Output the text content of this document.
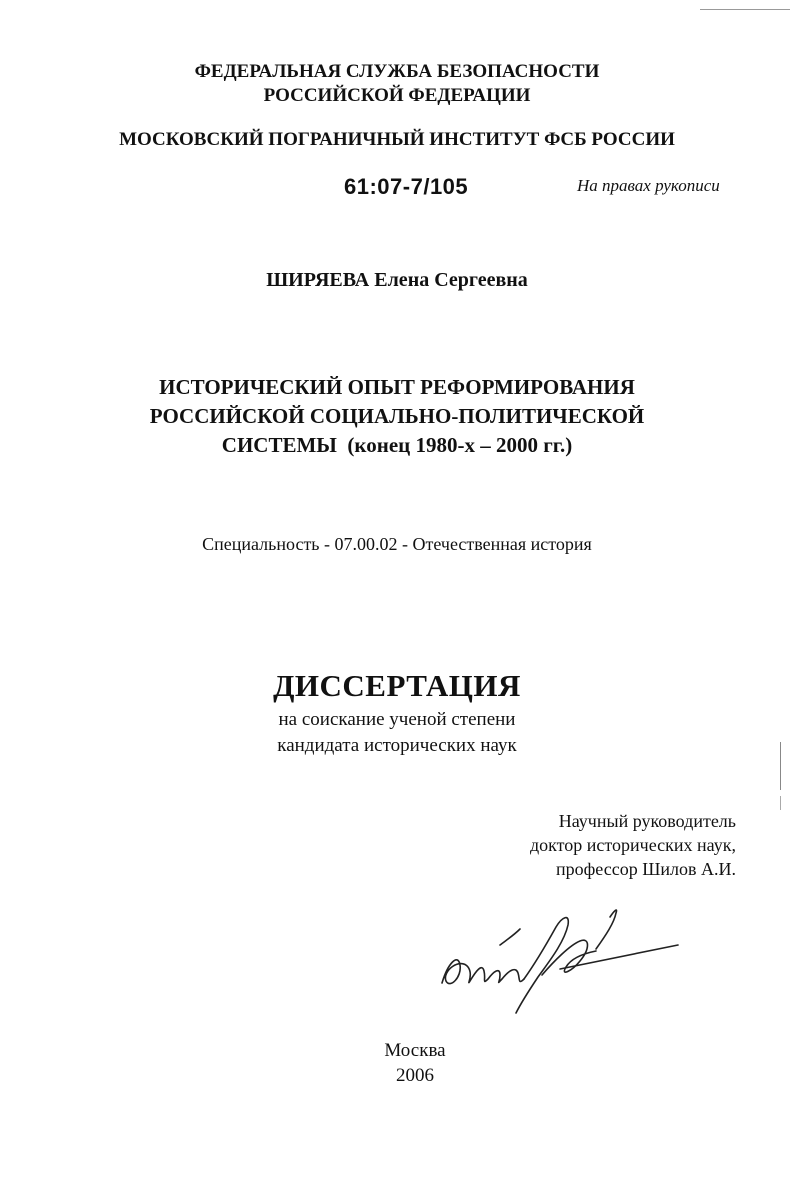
ФЕДЕРАЛЬНАЯ СЛУЖБА БЕЗОПАСНОСТИ
РОССИЙСКОЙ ФЕДЕРАЦИИ
МОСКОВСКИЙ ПОГРАНИЧНЫЙ ИНСТИТУТ ФСБ РОССИИ
61:07-7/105	На правах рукописи
ШИРЯЕВА Елена Сергеевна
ИСТОРИЧЕСКИЙ ОПЫТ РЕФОРМИРОВАНИЯ
РОССИЙСКОЙ СОЦИАЛЬНО-ПОЛИТИЧЕСКОЙ
СИСТЕМЫ (конец 1980-х – 2000 гг.)
Специальность - 07.00.02 - Отечественная история
ДИССЕРТАЦИЯ
на соискание ученой степени
кандидата исторических наук
Научный руководитель
доктор исторических наук,
профессор Шилов А.И.
Москва
2006
